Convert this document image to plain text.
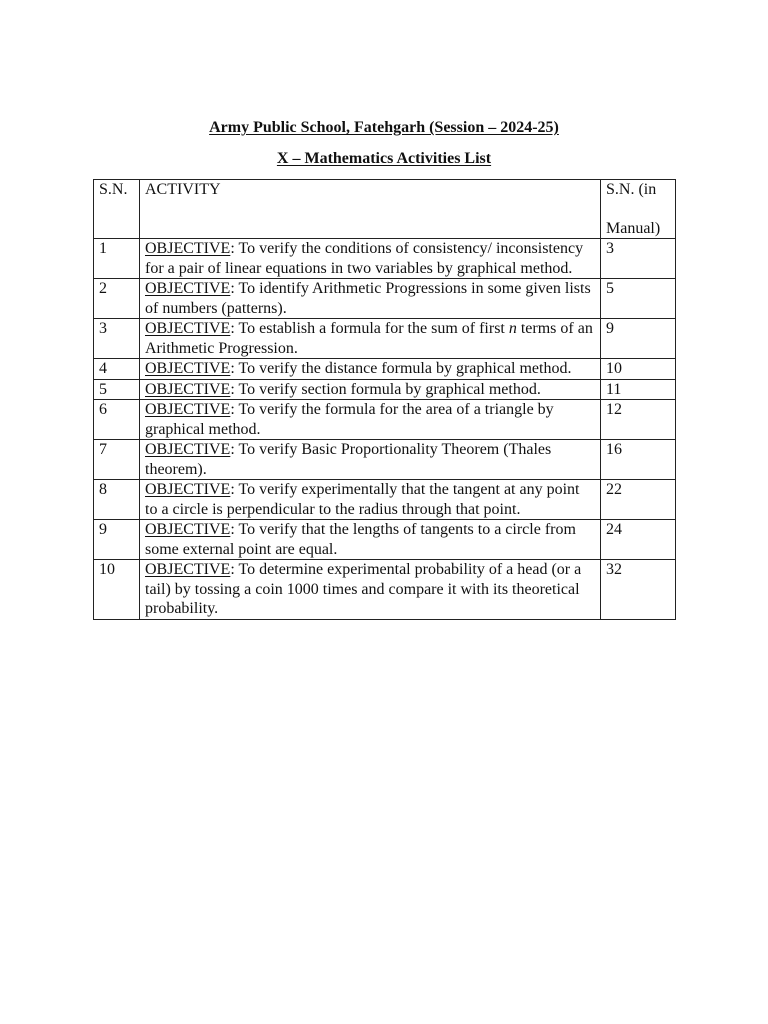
Army Public School, Fatehgarh (Session – 2024-25)
X – Mathematics Activities List
S.N.	ACTIVITY	S.N. (in
Manual)

1	OBJECTIVE: To verify the conditions of consistency/ inconsistency for a pair of linear equations in two variables by graphical method.	3
2	OBJECTIVE: To identify Arithmetic Progressions in some given lists of numbers (patterns).	5
3	OBJECTIVE: To establish a formula for the sum of first n terms of an Arithmetic Progression.	9
4	OBJECTIVE: To verify the distance formula by graphical method.	10
5	OBJECTIVE: To verify section formula by graphical method.	11
6	OBJECTIVE: To verify the formula for the area of a triangle by graphical method.	12
7	OBJECTIVE: To verify Basic Proportionality Theorem (Thales theorem).	16
8	OBJECTIVE: To verify experimentally that the tangent at any point to a circle is perpendicular to the radius through that point.	22
9	OBJECTIVE: To verify that the lengths of tangents to a circle from some external point are equal.	24
10	OBJECTIVE: To determine experimental probability of a head (or a tail) by tossing a coin 1000 times and compare it with its theoretical probability.	32
